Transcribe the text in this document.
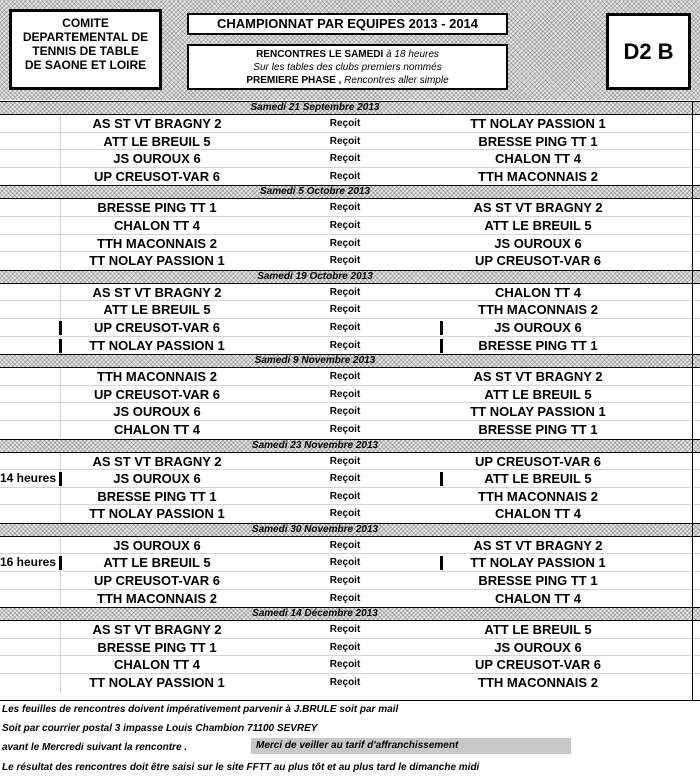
COMITE
DEPARTEMENTAL DE
TENNIS DE TABLE
DE SAONE ET LOIRE
CHAMPIONNAT PAR EQUIPES 2013 - 2014
RENCONTRES LE SAMEDI à 18 heures
Sur les tables des clubs premiers nommés
PREMIERE PHASE , Rencontres aller simple
D2 B
Samedi 21 Septembre 2013
AS ST VT BRAGNY 2	Reçoit	TT NOLAY PASSION 1
ATT LE BREUIL 5	Reçoit	BRESSE PING TT 1
JS OUROUX 6	Reçoit	CHALON TT 4
UP CREUSOT-VAR 6	Reçoit	TTH MACONNAIS 2
Samedi 5 Octobre 2013
BRESSE PING TT 1	Reçoit	AS ST VT BRAGNY 2
CHALON TT 4	Reçoit	ATT LE BREUIL 5
TTH MACONNAIS 2	Reçoit	JS OUROUX 6
TT NOLAY PASSION 1	Reçoit	UP CREUSOT-VAR 6
Samedi 19 Octobre 2013
AS ST VT BRAGNY 2	Reçoit	CHALON TT 4
ATT LE BREUIL 5	Reçoit	TTH MACONNAIS 2
UP CREUSOT-VAR 6	Reçoit	JS OUROUX 6
TT NOLAY PASSION 1	Reçoit	BRESSE PING TT 1
Samedi 9 Novembre 2013
TTH MACONNAIS 2	Reçoit	AS ST VT BRAGNY 2
UP CREUSOT-VAR 6	Reçoit	ATT LE BREUIL 5
JS OUROUX 6	Reçoit	TT NOLAY PASSION 1
CHALON TT 4	Reçoit	BRESSE PING TT 1
Samedi 23 Novembre 2013
AS ST VT BRAGNY 2	Reçoit	UP CREUSOT-VAR 6
14 heures	JS OUROUX 6	Reçoit	ATT LE BREUIL 5
BRESSE PING TT 1	Reçoit	TTH MACONNAIS 2
TT NOLAY PASSION 1	Reçoit	CHALON TT 4
Samedi 30 Novembre 2013
JS OUROUX 6	Reçoit	AS ST VT BRAGNY 2
16 heures	ATT LE BREUIL 5	Reçoit	TT NOLAY PASSION 1
UP CREUSOT-VAR 6	Reçoit	BRESSE PING TT 1
TTH MACONNAIS 2	Reçoit	CHALON TT 4
Samedi 14 Décembre 2013
AS ST VT BRAGNY 2	Reçoit	ATT LE BREUIL 5
BRESSE PING TT 1	Reçoit	JS OUROUX 6
CHALON TT 4	Reçoit	UP CREUSOT-VAR 6
TT NOLAY PASSION 1	Reçoit	TTH MACONNAIS 2
Les feuilles de rencontres doivent impérativement parvenir à J.BRULE soit par mail
Soit par courrier postal 3 impasse Louis Chambion 71100 SEVREY
avant le Mercredi suivant la rencontre .
Le résultat des rencontres doit être saisi sur le site FFTT au plus tôt et au plus tard le dimanche midi
Merci de veiller au tarif d'affranchissement
